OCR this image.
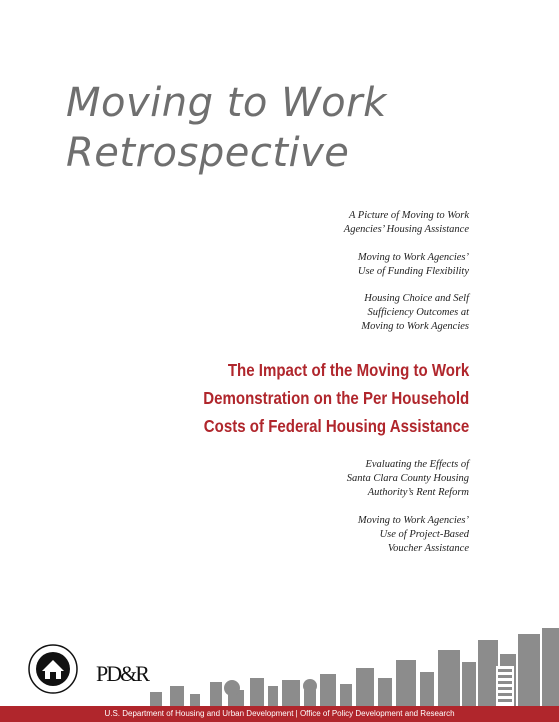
Moving to Work
Retrospective
A Picture of Moving to Work
Agencies’ Housing Assistance
Moving to Work Agencies’
Use of Funding Flexibility
Housing Choice and Self
Sufficiency Outcomes at
Moving to Work Agencies
The Impact of the Moving to Work
Demonstration on the Per Household
Costs of Federal Housing Assistance
Evaluating the Effects of
Santa Clara County Housing
Authority’s Rent Reform
Moving to Work Agencies’
Use of Project-Based
Voucher Assistance
PD&R
U.S. Department of Housing and Urban Development | Office of Policy Development and Research
